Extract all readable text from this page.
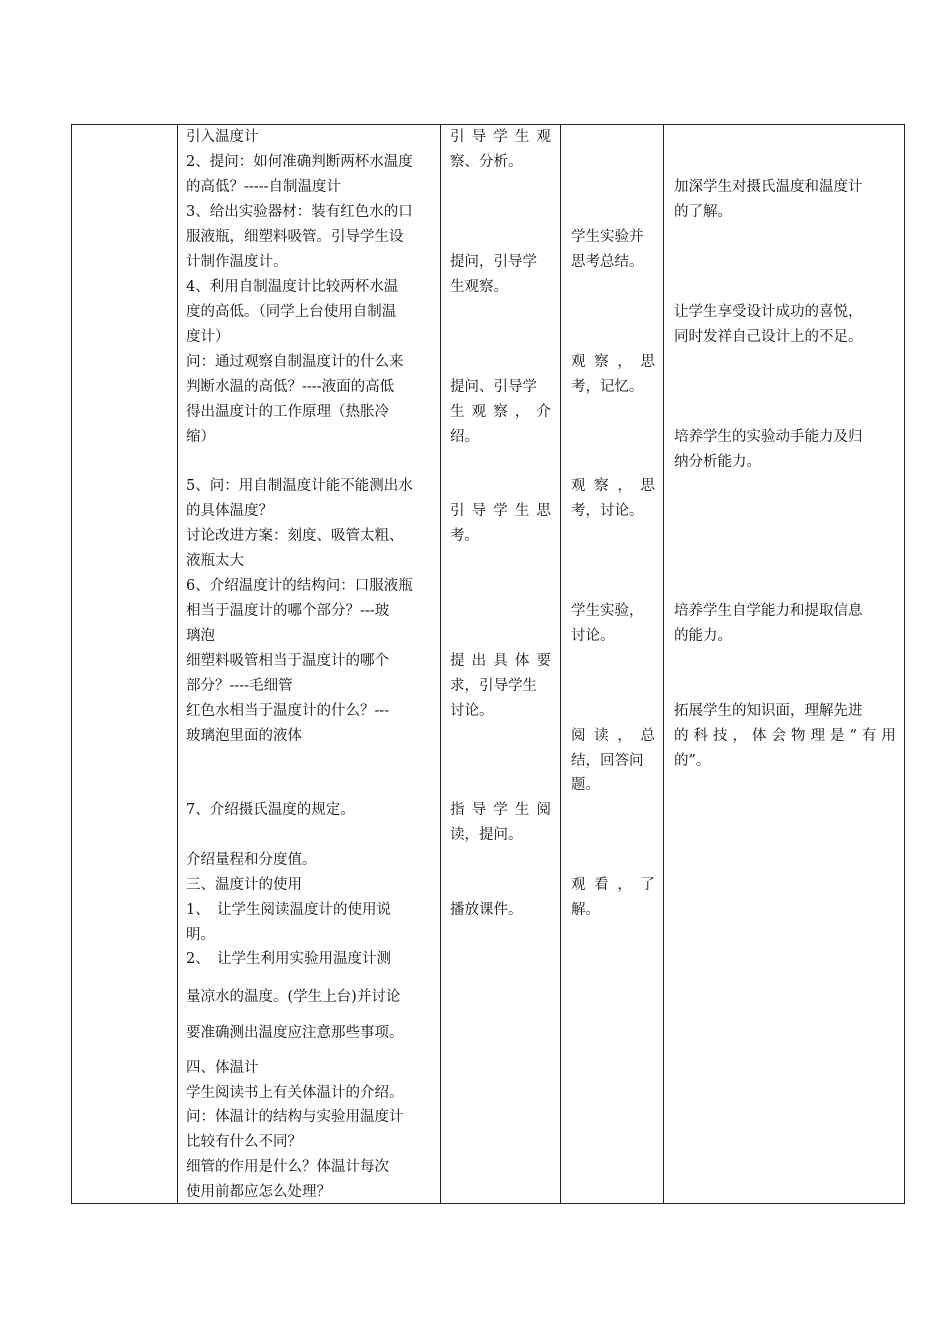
引入温度计
2、提问：如何准确判断两杯水温度
的高低？-----自制温度计
3、给出实验器材：装有红色水的口
服液瓶，细塑料吸管。引导学生设
计制作温度计。
4、利用自制温度计比较两杯水温
度的高低。（同学上台使用自制温
度计）
问：通过观察自制温度计的什么来
判断水温的高低？----液面的高低
得出温度计的工作原理（热胀冷
缩）
5、问：用自制温度计能不能测出水
的具体温度？
讨论改进方案：刻度、吸管太粗、
液瓶太大
6、介绍温度计的结构问：口服液瓶
相当于温度计的哪个部分？---玻
璃泡
细塑料吸管相当于温度计的哪个
部分？----毛细管
红色水相当于温度计的什么？---
玻璃泡里面的液体
7、介绍摄氏温度的规定。
介绍量程和分度值。
三、温度计的使用
1、　让学生阅读温度计的使用说
明。
2、　让学生利用实验用温度计测
量凉水的温度。(学生上台)并讨论
要准确测出温度应注意那些事项。
四、体温计
学生阅读书上有关体温计的介绍。
问：体温计的结构与实验用温度计
比较有什么不同？
细管的作用是什么？体温计每次
使用前都应怎么处理？
引 导 学 生 观
察、分析。
提问，引导学
生观察。
提问、引导学
生 观 察 ， 介
绍。
引 导 学 生 思
考。
提 出 具 体 要
求，引导学生
讨论。
指 导 学 生 阅
读，提问。
播放课件。
学生实验并
思考总结。
观 察 ， 思
考，记忆。
观 察 ， 思
考，讨论。
学生实验，
讨论。
阅 读 ， 总
结，回答问
题。
观 看 ， 了
解。
加深学生对摄氏温度和温度计
的了解。
让学生享受设计成功的喜悦，
同时发祥自己设计上的不足。
培养学生的实验动手能力及归
纳分析能力。
培养学生自学能力和提取信息
的能力。
拓展学生的知识面，理解先进
的 科 技 ， 体 会 物 理 是 “ 有 用
的”。
